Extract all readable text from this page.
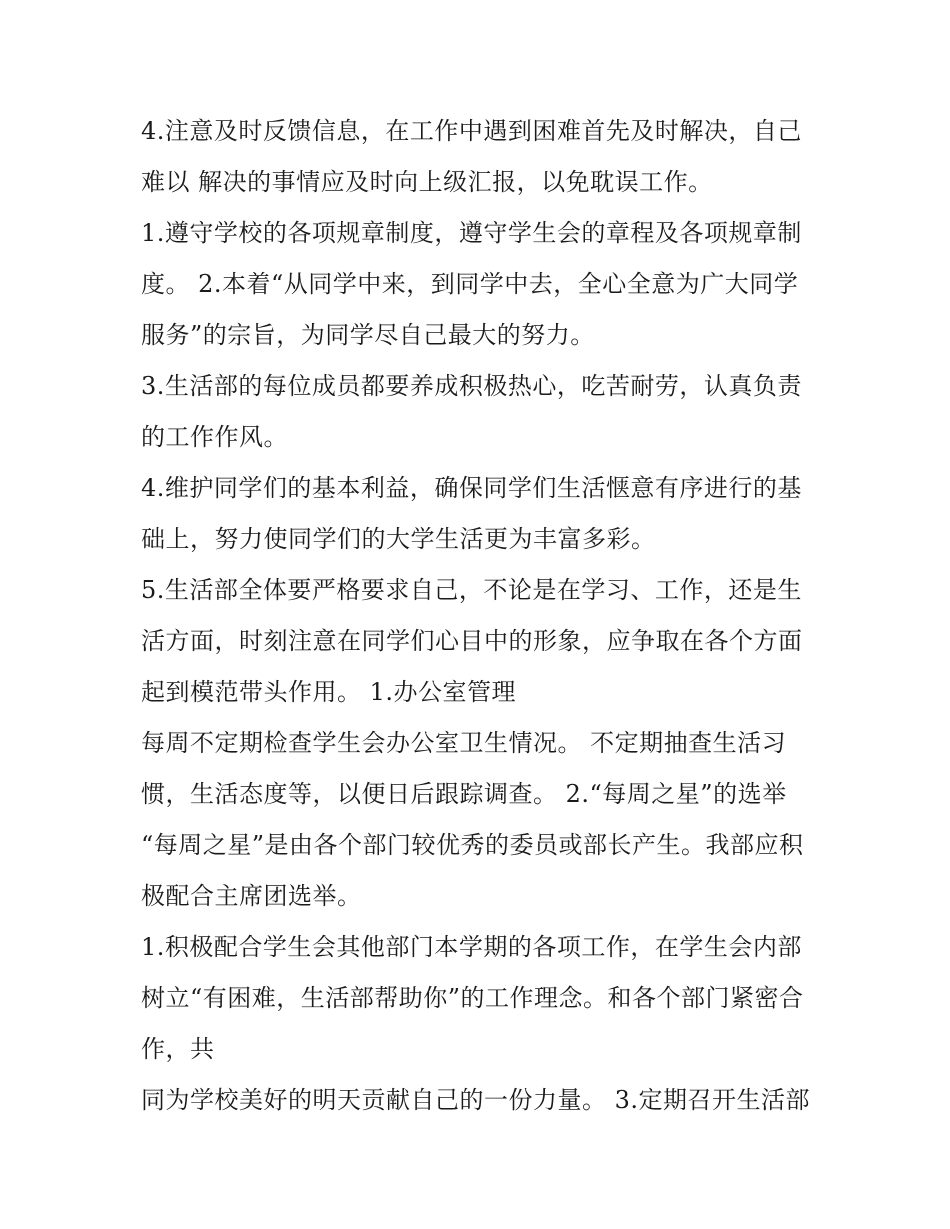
4.注意及时反馈信息，在工作中遇到困难首先及时解决，自己
难以 解决的事情应及时向上级汇报，以免耽误工作。
1.遵守学校的各项规章制度，遵守学生会的章程及各项规章制
度。 2.本着“从同学中来，到同学中去，全心全意为广大同学
服务”的宗旨，为同学尽自己最大的努力。
3.生活部的每位成员都要养成积极热心，吃苦耐劳，认真负责
的工作作风。
4.维护同学们的基本利益，确保同学们生活惬意有序进行的基
础上，努力使同学们的大学生活更为丰富多彩。
5.生活部全体要严格要求自己，不论是在学习、工作，还是生
活方面，时刻注意在同学们心目中的形象，应争取在各个方面
起到模范带头作用。 1.办公室管理
每周不定期检查学生会办公室卫生情况。 不定期抽查生活习
惯，生活态度等，以便日后跟踪调查。 2.“每周之星”的选举
“每周之星”是由各个部门较优秀的委员或部长产生。我部应积
极配合主席团选举。
1.积极配合学生会其他部门本学期的各项工作，在学生会内部
树立“有困难，生活部帮助你”的工作理念。和各个部门紧密合
作，共
同为学校美好的明天贡献自己的一份力量。 3.定期召开生活部
